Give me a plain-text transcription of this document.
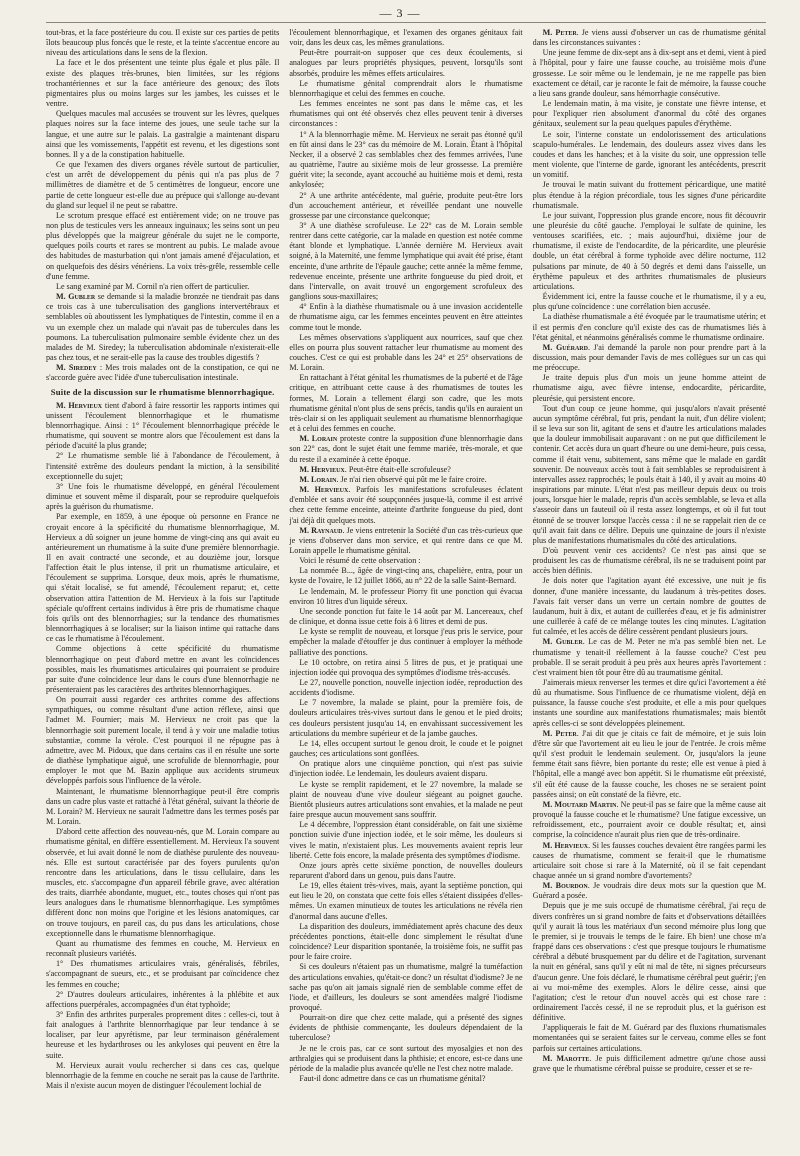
— 3 —

tout-bras, et la face postérieure du cou. Il existe sur ces parties de petits îlots beaucoup plus foncés que le reste, et la teinte s'accentue encore au niveau des articulations dans le sens de la flexion.

La face et le dos présentent une teinte plus égale et plus pâle. Il existe des plaques très-brunes, bien limitées, sur les régions trochantériennes et sur la face antérieure des genoux; des îlots pigmentaires plus ou moins larges sur les jambes, les cuisses et le ventre.

Quelques macules mal accusées se trouvent sur les lèvres, quelques plaques noires sur la face interne des joues, une seule tache sur la langue, et une autre sur le palais. La gastralgie a maintenant disparu ainsi que les vomissements, l'appétit est revenu, et les digestions sont bonnes. Il y a de la constipation habituelle.

Ce que l'examen des divers organes révèle surtout de particulier, c'est un arrêt de développement du pénis qui n'a pas plus de 7 millimètres de diamètre et de 5 centimètres de longueur, encore une partie de cette longueur est-elle due au prépuce qui s'allonge au-devant du gland sur lequel il ne peut se rabattre.

Le scrotum presque effacé est entièrement vide; on ne trouve pas non plus de testicules vers les anneaux inguinaux; les seins sont un peu plus développés que la maigreur générale du sujet ne le comporte, quelques poils courts et rares se montrent au pubis. Le malade avoue des habitudes de masturbation qui n'ont jamais amené d'éjaculation, et on quelquefois des désirs vénériens. La voix très-grêle, ressemble celle d'une femme.

Le sang examiné par M. Cornil n'a rien offert de particulier.

M. Gubler se demande si la maladie bronzée ne tiendrait pas dans ce trois cas à une tuberculisation des ganglions intervertébraux et semblables où aboutissent les lymphatiques de l'intestin, comme il en a vu un exemple chez un malade qui n'avait pas de tubercules dans les poumons. La tuberculisation pulmonaire semble évidente chez un des malades de M. Siredey; la tuberculisation abdominale n'existerait-elle pas chez tous, et ne serait-elle pas la cause des troubles digestifs ?

M. Siredey : Mes trois malades ont de la constipation, ce qui ne s'accorde guère avec l'idée d'une tuberculisation intestinale.

Suite de la discussion sur le rhumatisme blennorrhagique.

M. Hervieux tient d'abord à faire ressortir les rapports intimes qui unissent l'écoulement blennorrhagique et le rhumatisme blennorrhagique. Ainsi : 1° l'écoulement blennorrhagique précède le rhumatisme, qui souvent se montre alors que l'écoulement est dans la période d'acuité la plus grande;

2° Le rhumatisme semble lié à l'abondance de l'écoulement, à l'intensité extrême des douleurs pendant la miction, à la sensibilité exceptionnelle du sujet;

3° Une fois le rhumatisme développé, en général l'écoulement diminue et souvent même il disparaît, pour se reproduire quelquefois après la guérison du rhumatisme.

Par exemple, en 1859, à une époque où personne en France ne croyait encore à la spécificité du rhumatisme blennorrhagique, M. Hervieux a dû soigner un jeune homme de vingt-cinq ans qui avait eu antérieurement un rhumatisme à la suite d'une première blennorrhagie. Il en avait contracté une seconde, et au douzième jour, lorsque l'affection était le plus intense, il prit un rhumatisme articulaire, et l'écoulement se supprima. Lorsque, deux mois, après le rhumatisme, qui s'était localisé, se fut amendé, l'écoulement reparut; et, cette observation attira l'attention de M. Hervieux à la fois sur l'aptitude spéciale qu'offrent certains individus à être pris de rhumatisme chaque fois qu'ils ont des blennorrhagies; sur la tendance des rhumatismes blennorrhagiques à se localiser; sur la liaison intime qui rattache dans ce cas le rhumatisme à l'écoulement.

Comme objections à cette spécificité du rhumatisme blennorrhagique on peut d'abord mettre en avant les coïncidences possibles, mais les rhumatismes articulaires qui pourraient se produire par suite d'une coïncidence leur dans le cours d'une blennorrhagie ne présenteraient pas les caractères des arthrites blennorrhagiques.

On pourrait aussi regarder ces arthrites comme des affections sympathiques, ou comme résultant d'une action réflexe, ainsi que l'admet M. Fournier; mais M. Hervieux ne croit pas que la blennorrhagie soit purement locale, il tend à y voir une maladie totius substantiæ, comme la vérole. C'est pourquoi il ne répugne pas à admettre, avec M. Pidoux, que dans certains cas il en résulte une sorte de diathèse lymphatique aiguë, une scrofulide de blennorrhagie, pour employer le mot que M. Bazin applique aux accidents strumeux développés parfois sous l'influence de la vérole.

Maintenant, le rhumatisme blennorrhagique peut-il être compris dans un cadre plus vaste et rattaché à l'état général, suivant la théorie de M. Lorain? M. Hervieux ne saurait l'admettre dans les termes posés par M. Lorain.

D'abord cette affection des nouveau-nés, que M. Lorain compare au rhumatisme génital, en diffère essentiellement. M. Hervieux l'a souvent observée, et lui avait donné le nom de diathèse purulente des nouveau-nés. Elle est surtout caractérisée par des foyers purulents qu'on rencontre dans les articulations, dans le tissu cellulaire, dans les muscles, etc. s'accompagne d'un appareil fébrile grave, avec altération des traits, diarrhée abondante, muguet, etc., toutes choses qui n'ont pas leurs analogues dans le rhumatisme blennorrhagique. Les symptômes diffèrent donc non moins que l'origine et les lésions anatomiques, car on trouve toujours, en pareil cas, du pus dans les articulations, chose exceptionnelle dans le rhumatisme blennorrhagique.

Quant au rhumatisme des femmes en couche, M. Hervieux en reconnaît plusieurs variétés.

1° Des rhumatismes articulaires vrais, généralisés, fébriles, s'accompagnant de sueurs, etc., et se produisant par coïncidence chez les femmes en couche;

2° D'autres douleurs articulaires, inhérentes à la phlébite et aux affections puerpérales, accompagnées d'un état typhoïde;

3° Enfin des arthrites purperales proprement dites : celles-ci, tout à fait analogues à l'arthrite blennorrhagique par leur tendance à se localiser, par leur apyrétisme, par leur terminaison généralement heureuse et les hydarthroses ou les ankyloses qui peuvent en être la suite.

M. Hervieux aurait voulu rechercher si dans ces cas, quelque blennorrhagie de la femme en couche ne serait pas la cause de l'arthrite. Mais il n'existe aucun moyen de distinguer l'écoulement lochial de

l'écoulement blennorrhagique, et l'examen des organes génitaux fait voir, dans les deux cas, les mêmes granulations.

Peut-être pourrait-on supposer que ces deux écoulements, si analogues par leurs propriétés physiques, peuvent, lorsqu'ils sont absorbés, produire les mêmes effets articulaires.

Le rhumatisme génital comprendrait alors le rhumatisme blennorrhagique et celui des femmes en couche.

Les femmes enceintes ne sont pas dans le même cas, et les rhumatismes qui ont été observés chez elles peuvent tenir à diverses circonstances :

1° A la blennorrhagie même. M. Hervieux ne serait pas étonné qu'il en fût ainsi dans le 23° cas du mémoire de M. Lorain. Étant à l'hôpital Necker, il a observé 2 cas semblables chez des femmes arrivées, l'une au quatrième, l'autre au sixième mois de leur grossesse. La première guérit vite; la seconde, ayant accouché au huitième mois et demi, resta ankylosée;

2° A une arthrite antécédente, mal guérie, produite peut-être lors d'un accouchement antérieur, et réveillée pendant une nouvelle grossesse par une circonstance quelconque;

3° A une diathèse scrofuleuse. Le 22° cas de M. Lorain semble rentrer dans cette catégorie, car la malade en question est notée comme étant blonde et lymphatique. L'année dernière M. Hervieux avait soigné, à la Maternité, une femme lymphatique qui avait été prise, étant enceinte, d'une arthrite de l'épaule gauche; cette année la même femme, redevenue enceinte, présente une arthrite fongueuse du pied droit, et dans l'intervalle, on avait trouvé un engorgement scrofuleux des ganglions sous-maxillaires;

4° Enfin à la diathèse rhumatismale ou à une invasion accidentelle de rhumatisme aigu, car les femmes enceintes peuvent en être atteintes comme tout le monde.

Les mêmes observations s'appliquent aux nourrices, sauf que chez elles on pourra plus souvent rattacher leur rhumatisme au moment des couches. C'est ce qui est probable dans les 24° et 25° observations de M. Lorain.

En rattachant à l'état génital les rhumatismes de la puberté et de l'âge critique, en attribuant cette cause à des rhumatismes de toutes les formes, M. Lorain a tellement élargi son cadre, que les mots rhumatisme génital n'ont plus de sens précis, tandis qu'ils en auraient un très-clair si on les appliquait seulement au rhumatisme blennorrhagique et à celui des femmes en couche.

M. Lorain proteste contre la supposition d'une blennorrhagie dans son 22° cas, dont le sujet était une femme mariée, très-morale, et que du reste il a examinée à cette époque.

M. Hervieux. Peut-être était-elle scrofuleuse?

M. Lorain. Je n'ai rien observé qui pût me le faire croire.

M. Hervieux. Parfois les manifestations scrofuleuses éclatent d'emblée et sans avoir été soupçonnées jusque-là, comme il est arrivé chez cette femme enceinte, atteinte d'arthrite fongueuse du pied, dont j'ai déjà dit quelques mots.

M. Raynaud. Je viens entretenir la Société d'un cas très-curieux que je viens d'observer dans mon service, et qui rentre dans ce que M. Lorain appelle le rhumatisme génital.

Voici le résumé de cette observation :

La nommée B..., âgée de vingt-cinq ans, chapelière, entra, pour un kyste de l'ovaire, le 12 juillet 1866, au n° 22 de la salle Saint-Bernard.

Le lendemain, M. le professeur Piorry fit une ponction qui évacua environ 10 litres d'un liquide séreux.

Une seconde ponction fut faite le 14 août par M. Lancereaux, chef de clinique, et donna issue cette fois à 6 litres et demi de pus.

Le kyste se remplit de nouveau, et lorsque j'eus pris le service, pour empêcher la malade d'étouffer je dus continuer à employer la méthode palliative des ponctions.

Le 10 octobre, on retira ainsi 5 litres de pus, et je pratiquai une injection iodée qui provoqua des symptômes d'iodisme très-accusés.

Le 27, nouvelle ponction, nouvelle injection iodée, reproduction des accidents d'iodisme.

Le 7 novembre, la malade se plaint, pour la première fois, de douleurs articulaires très-vives surtout dans le genou et le pied droits; ces douleurs persistent jusqu'au 14, en envahissant successivement les articulations du membre supérieur et de la jambe gauches.

Le 14, elles occupent surtout le genou droit, le coude et le poignet gauches; ces articulations sont gonflées.

On pratique alors une cinquième ponction, qui n'est pas suivie d'injection iodée. Le lendemain, les douleurs avaient disparu.

Le kyste se remplit rapidement, et le 27 novembre, la malade se plaint de nouveau d'une vive douleur siégeant au poignet gauche. Bientôt plusieurs autres articulations sont envahies, et la malade ne peut faire presque aucun mouvement sans souffrir.

Le 4 décembre, l'oppression étant considérable, on fait une sixième ponction suivie d'une injection iodée, et le soir même, les douleurs si vives le matin, n'existaient plus. Les mouvements avaient repris leur liberté. Cette fois encore, la malade présenta des symptômes d'iodisme.

Onze jours après cette sixième ponction, de nouvelles douleurs reparurent d'abord dans un genou, puis dans l'autre.

Le 19, elles étaient très-vives, mais, ayant la septième ponction, qui eut lieu le 20, on constata que cette fois elles s'étaient dissipées d'elles-mêmes. Un examen minutieux de toutes les articulations ne révéla rien d'anormal dans aucune d'elles.

La disparition des douleurs, immédiatement après chacune des deux précédentes ponctions, était-elle donc simplement le résultat d'une coïncidence? Leur disparition spontanée, la troisième fois, ne suffit pas pour le faire croire.

Si ces douleurs n'étaient pas un rhumatisme, malgré la tuméfaction des articulations envahies, qu'était-ce donc? un résultat d'iodisme? Je ne sache pas qu'on ait jamais signalé rien de semblable comme effet de l'iode, et d'ailleurs, les douleurs se sont amendées malgré l'iodisme provoqué.

Pourrait-on dire que chez cette malade, qui a présenté des signes évidents de phthisie commençante, les douleurs dépendaient de la tuberculose?

Je ne le crois pas, car ce sont surtout des myosalgies et non des arthralgies qui se produisent dans la phthisie; et encore, est-ce dans une période de la maladie plus avancée qu'elle ne l'est chez notre malade.

Faut-il donc admettre dans ce cas un rhumatisme génital?

M. Peter. Je viens aussi d'observer un cas de rhumatisme génital dans les circonstances suivantes :

Une jeune femme de dix-sept ans à dix-sept ans et demi, vient à pied à l'hôpital, pour y faire une fausse couche, au troisième mois d'une grossesse. Le soir même ou le lendemain, je ne me rappelle pas bien exactement ce détail, car je raconte le fait de mémoire, la fausse couche a lieu sans grande douleur, sans hémorrhagie consécutive.

Le lendemain matin, à ma visite, je constate une fièvre intense, et pour l'expliquer rien absolument d'anormal du côté des organes génitaux, seulement sur la peau quelques papules d'érythème.

Le soir, l'interne constate un endolorissement des articulations scapulo-humérales. Le lendemain, des douleurs assez vives dans les coudes et dans les hanches; et à la visite du soir, une oppression telle ment violente, que l'interne de garde, ignorant les antécédents, prescrit un vomitif.

Je trouvai le matin suivant du frottement péricardique, une matité plus étendue à la région précordiale, tous les signes d'une péricardite rhumatismale.

Le jour suivant, l'oppression plus grande encore, nous fit découvrir une pleurésie du côté gauche. J'employai le sulfate de quinine, les ventouses scarifiées, etc. ; mais aujourd'hui, dixième jour de rhumatisme, il existe de l'endocardite, de la péricardite, une pleurésie double, un état cérébral à forme typhoïde avec délire nocturne, 112 pulsations par minute, de 40 à 50 degrés et demi dans l'aisselle, un érythème papuleux et des arthrites rhumatismales de plusieurs articulations.

Évidemment ici, entre la fausse couche et le rhumatisme, il y a eu, plus qu'une coïncidence : une corrélation bien accusée.

La diathèse rhumatismale a été évoquée par le traumatisme utérin; et il est permis d'en conclure qu'il existe des cas de rhumatismes liés à l'état génital, et néanmoins généralisés comme le rhumatisme ordinaire.

M. Guérard. J'ai demandé la parole non pour prendre part à la discussion, mais pour demander l'avis de mes collègues sur un cas qui me préoccupe.

Je traite depuis plus d'un mois un jeune homme atteint de rhumatisme aigu, avec fièvre intense, endocardite, péricardite, pleurésie, qui persistent encore.

Tout d'un coup ce jeune homme, qui jusqu'alors n'avait présenté aucun symptôme cérébral, fut pris, pendant la nuit, d'un délire violent; il se leva sur son lit, agitant de sens et d'autre les articulations malades que la douleur immobilisait auparavant : on ne put que difficilement le contenir. Cet accès dura un quart d'heure ou une demi-heure, puis cessa, comme il était venu, subitement, sans même que le malade en gardât souvenir. De nouveaux accès tout à fait semblables se reproduisirent à intervalles assez rapprochés; le pouls était à 140, il y avait au moins 40 inspirations par minute. L'état n'est pas meilleur depuis deux ou trois jours, lorsque hier le malade, repris d'un accès semblable, se leva et alla s'asseoir dans un fauteuil où il resta assez longtemps, et où il fut tout étonné de se trouver lorsque l'accès cessa : il ne se rappelait rien de ce qu'il avait fait dans ce délire. Depuis une quinzaine de jours il n'existe plus de manifestations rhumatismales du côté des articulations.

D'où peuvent venir ces accidents? Ce n'est pas ainsi que se produisent les cas de rhumatisme cérébral, ils ne se traduisent point par accès bien définis.

Je dois noter que l'agitation ayant été excessive, une nuit je fis donner, d'une manière incessante, du laudanum à très-petites doses. J'avais fait verser dans un verre un certain nombre de gouttes de laudanum, huit à dix, et autant de cuillerées d'eau, et je fis administrer une cuillerée à café de ce mélange toutes les cinq minutes. L'agitation fut calmée, et les accès de délire cessèrent pendant plusieurs jours.

M. Gubler. Le cas de M. Peter ne m'a pas semblé bien net. Le rhumatisme y tenait-il réellement à la fausse couche? C'est peu probable. Il se serait produit à peu près aux heures après l'avortement : c'est vraiment bien tôt pour être dû au traumatisme génital.

J'aimerais mieux renverser les termes et dire qu'ici l'avortement a été dû au rhumatisme. Sous l'influence de ce rhumatisme violent, déjà en puissance, la fausse couche s'est produite, et elle a mis pour quelques instants une sourdine aux manifestations rhumatismales; mais bientôt après celles-ci se sont développées pleinement.

M. Peter. J'ai dit que je citais ce fait de mémoire, et je suis loin d'être sûr que l'avortement ait eu lieu le jour de l'entrée. Je crois même qu'il s'est produit le lendemain seulement. Or, jusqu'alors la jeune femme était sans fièvre, bien portante du reste; elle est venue à pied à l'hôpital, elle a mangé avec bon appétit. Si le rhumatisme eût préexisté, s'il eût été cause de la fausse couche, les choses ne se seraient point passées ainsi; on eût constaté de la fièvre, etc.

M. Moutard Martin. Ne peut-il pas se faire que la même cause ait provoqué la fausse couche et le rhumatisme? Une fatigue excessive, un refroidissement, etc., pourraient avoir ce double résultat; et, ainsi comprise, la coïncidence n'aurait plus rien que de très-ordinaire.

M. Hervieux. Si les fausses couches devaient être rangées parmi les causes de rhumatisme, comment se ferait-il que le rhumatisme articulaire soit chose si rare à la Maternité, où il se fait cependant chaque année un si grand nombre d'avortements?

M. Bourdon. Je voudrais dire deux mots sur la question que M. Guérard a posée.

Depuis que je me suis occupé de rhumatisme cérébral, j'ai reçu de divers confrères un si grand nombre de faits et d'observations détaillées qu'il y aurait là tous les matériaux d'un second mémoire plus long que le premier, si je trouvais le temps de le faire. Eh bien! une chose m'a frappé dans ces observations : c'est que presque toujours le rhumatisme cérébral a débuté brusquement par du délire et de l'agitation, survenant la nuit en général, sans qu'il y eût ni mal de tête, ni signes précurseurs d'aucun genre. Une fois déclaré, le rhumatisme cérébral peut guérir; j'en ai vu moi-même des exemples. Alors le délire cesse, ainsi que l'agitation; c'est le retour d'un nouvel accès qui est chose rare : ordinairement l'accès cessé, il ne se reproduit plus, et la guérison est définitive.

J'appliquerais le fait de M. Guérard par des fluxions rhumatismales momentanées qui se seraient faites sur le cerveau, comme elles se font parfois sur certaines articulations.

M. Marotte. Je puis difficilement admettre qu'une chose aussi grave que le rhumatisme cérébral puisse se produire, cesser et se re-
